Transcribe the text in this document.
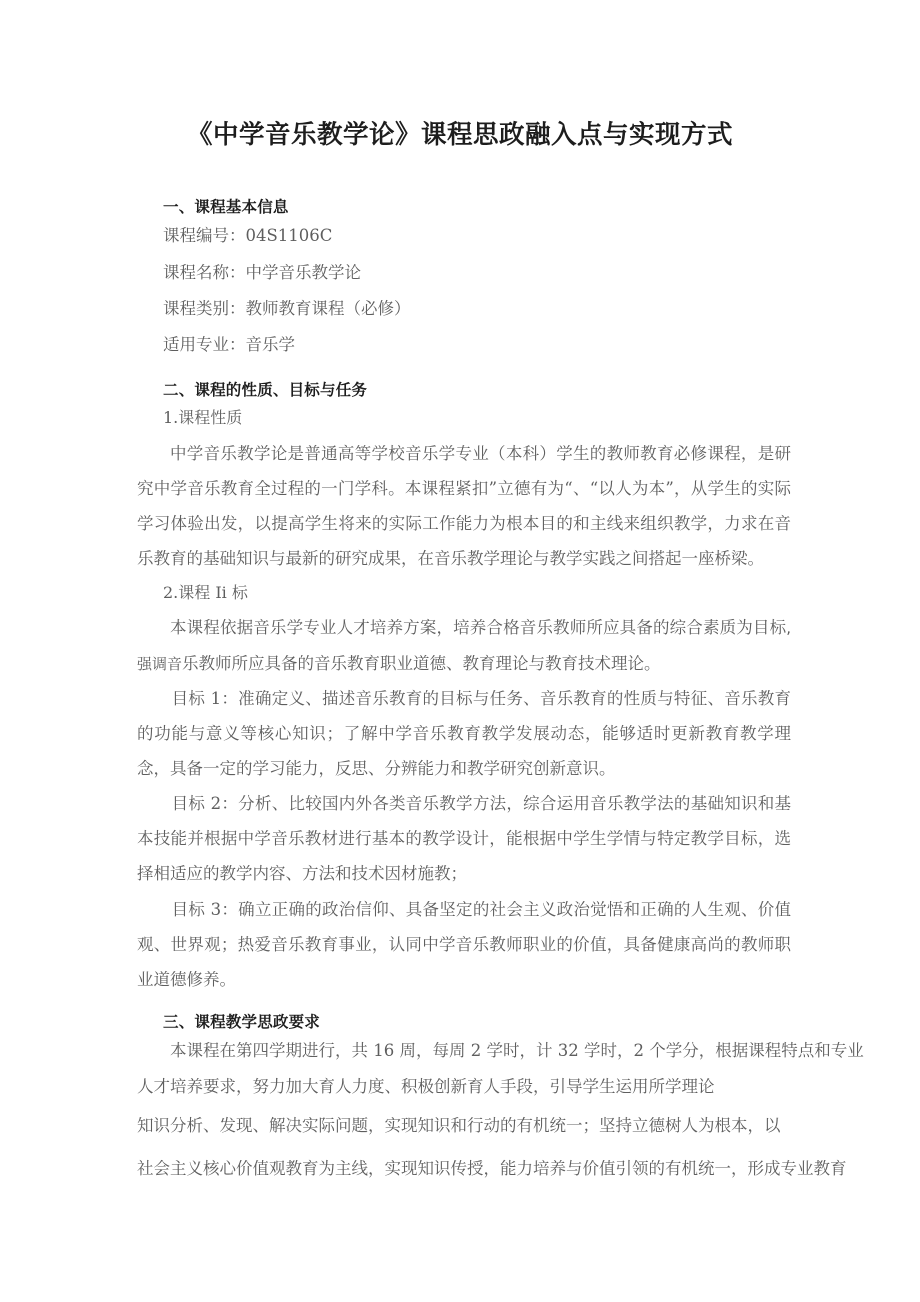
《中学音乐教学论》课程思政融入点与实现方式
一、课程基本信息
课程编号：04S1106C
课程名称：中学音乐教学论
课程类别：教师教育课程（必修）
适用专业：音乐学
二、课程的性质、目标与任务
1.课程性质

中学音乐教学论是普通高等学校音乐学专业（本科）学生的教师教育必修课程，是研究中学音乐教育全过程的一门学科。本课程紧扣”立德有为“、“以人为本”，从学生的实际学习体验出发，以提高学生将来的实际工作能力为根本目的和主线来组织教学，力求在音乐教育的基础知识与最新的研究成果，在音乐教学理论与教学实践之间搭起一座桥梁。

2.课程 Ii 标

本课程依据音乐学专业人才培养方案，培养合格音乐教师所应具备的综合素质为目标,强调音乐教师所应具备的音乐教育职业道德、教育理论与教育技术理论。

目标 1：准确定义、描述音乐教育的目标与任务、音乐教育的性质与特征、音乐教育的功能与意义等核心知识；了解中学音乐教育教学发展动态，能够适时更新教育教学理念，具备一定的学习能力，反思、分辨能力和教学研究创新意识。

目标 2：分析、比较国内外各类音乐教学方法，综合运用音乐教学法的基础知识和基本技能并根据中学音乐教材进行基本的教学设计，能根据中学生学情与特定教学目标，选择相适应的教学内容、方法和技术因材施教；

目标 3：确立正确的政治信仰、具备坚定的社会主义政治觉悟和正确的人生观、价值观、世界观；热爱音乐教育事业，认同中学音乐教师职业的价值，具备健康高尚的教师职业道德修养。

三、课程教学思政要求
本课程在第四学期进行，共 16 周，每周 2 学时，计 32 学时，2 个学分，根据课程特点和专业
人才培养要求，努力加大育人力度、积极创新育人手段，引导学生运用所学理论
知识分析、发现、解决实际问题，实现知识和行动的有机统一；坚持立德树人为根本，以
社会主义核心价值观教育为主线，实现知识传授，能力培养与价值引领的有机统一，形成专业教育
